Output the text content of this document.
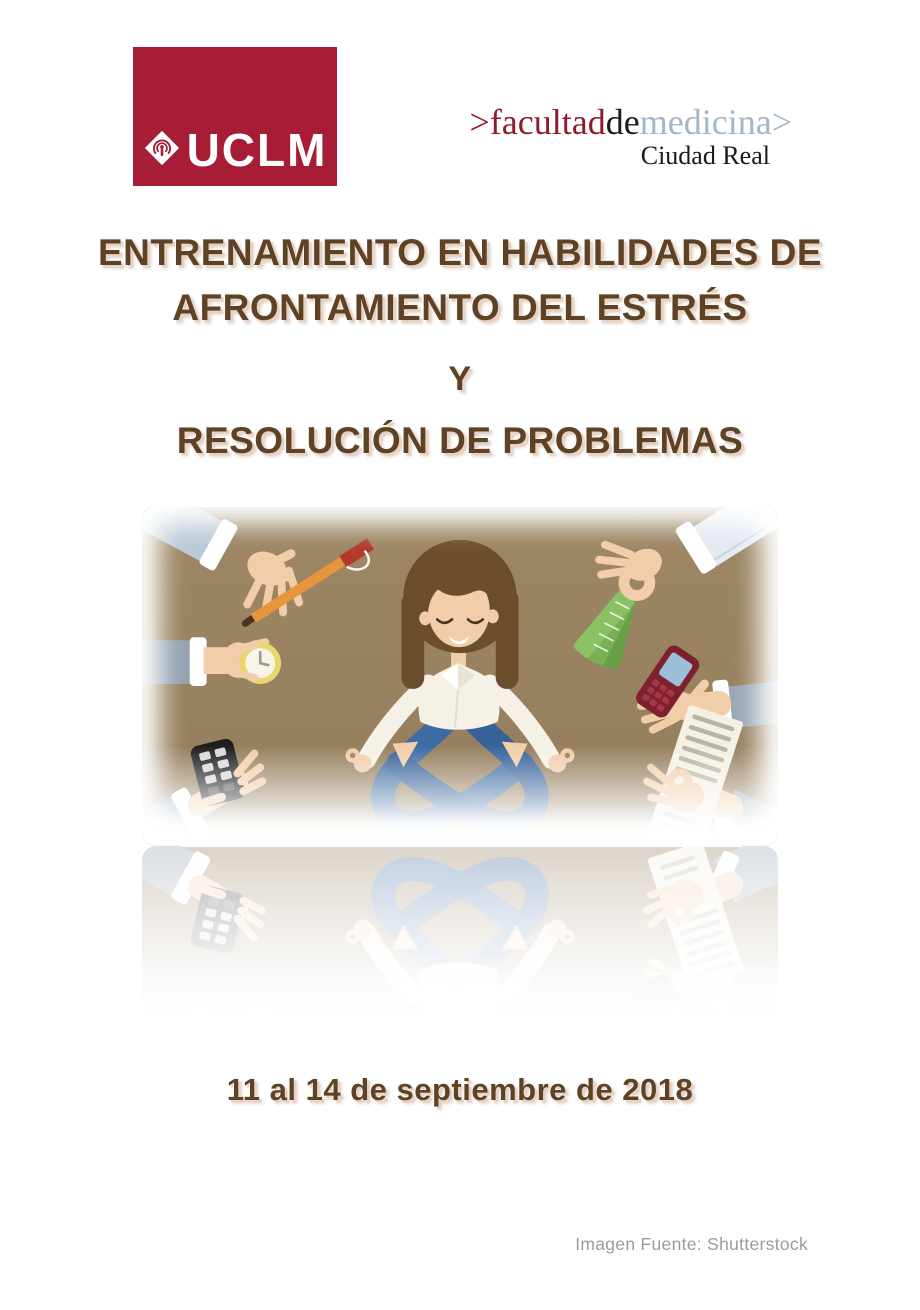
UCLM
>facultaddemedicina>
Ciudad Real
ENTRENAMIENTO EN HABILIDADES DE
AFRONTAMIENTO DEL ESTRÉS
Y
RESOLUCIÓN DE PROBLEMAS
11 al 14 de septiembre de 2018
Imagen Fuente: Shutterstock
